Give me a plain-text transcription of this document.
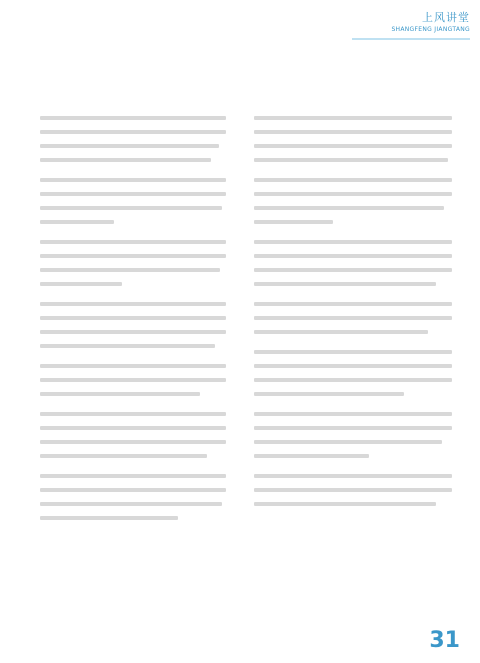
上风讲堂
SHANGFENG JIANGTANG
31
